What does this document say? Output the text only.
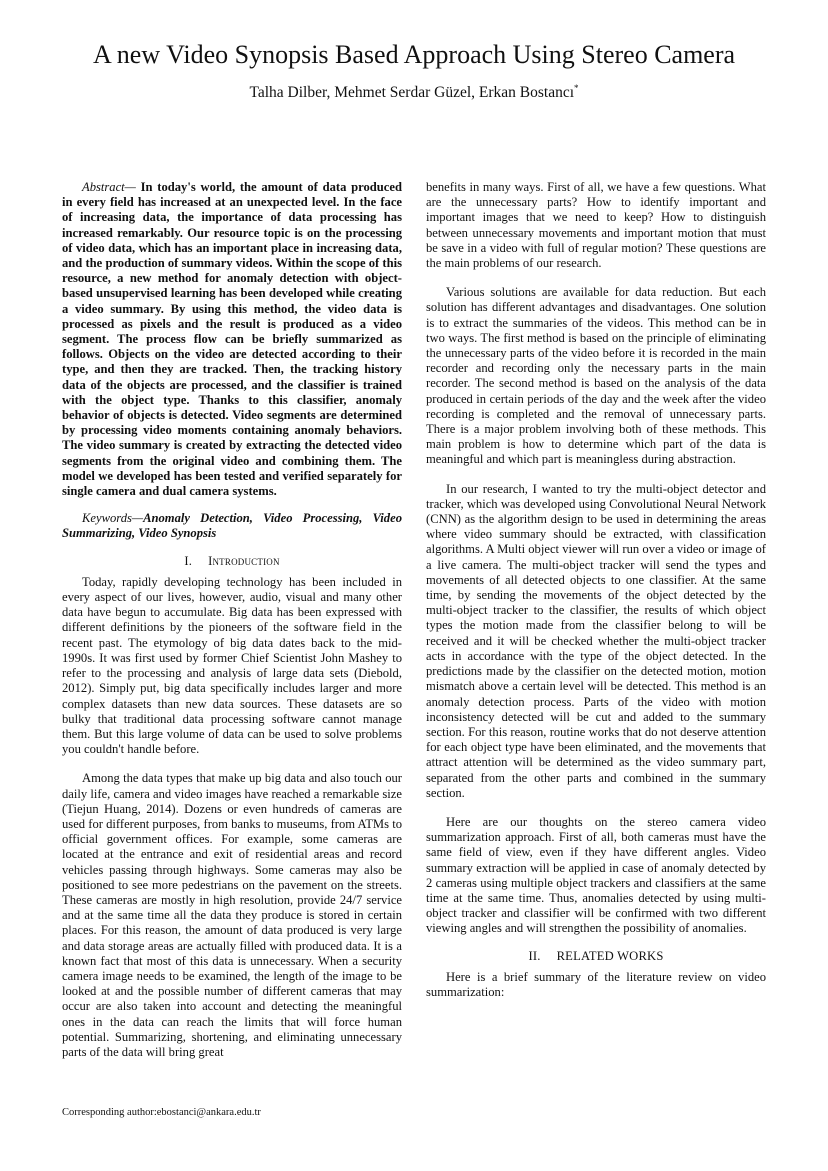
A new Video Synopsis Based Approach Using Stereo Camera

Talha Dilber, Mehmet Serdar Güzel, Erkan Bostancı*

Abstract— In today's world, the amount of data produced in every field has increased at an unexpected level. In the face of increasing data, the importance of data processing has increased remarkably. Our resource topic is on the processing of video data, which has an important place in increasing data, and the production of summary videos. Within the scope of this resource, a new method for anomaly detection with object-based unsupervised learning has been developed while creating a video summary. By using this method, the video data is processed as pixels and the result is produced as a video segment. The process flow can be briefly summarized as follows. Objects on the video are detected according to their type, and then they are tracked. Then, the tracking history data of the objects are processed, and the classifier is trained with the object type. Thanks to this classifier, anomaly behavior of objects is detected. Video segments are determined by processing video moments containing anomaly behaviors. The video summary is created by extracting the detected video segments from the original video and combining them. The model we developed has been tested and verified separately for single camera and dual camera systems.

Keywords—Anomaly Detection, Video Processing, Video Summarizing, Video Synopsis

I. Introduction

Today, rapidly developing technology has been included in every aspect of our lives, however, audio, visual and many other data have begun to accumulate. Big data has been expressed with different definitions by the pioneers of the software field in the recent past. The etymology of big data dates back to the mid-1990s. It was first used by former Chief Scientist John Mashey to refer to the processing and analysis of large data sets (Diebold, 2012). Simply put, big data specifically includes larger and more complex datasets than new data sources. These datasets are so bulky that traditional data processing software cannot manage them. But this large volume of data can be used to solve problems you couldn't handle before.

Among the data types that make up big data and also touch our daily life, camera and video images have reached a remarkable size (Tiejun Huang, 2014). Dozens or even hundreds of cameras are used for different purposes, from banks to museums, from ATMs to official government offices. For example, some cameras are located at the entrance and exit of residential areas and record vehicles passing through highways. Some cameras may also be positioned to see more pedestrians on the pavement on the streets. These cameras are mostly in high resolution, provide 24/7 service and at the same time all the data they produce is stored in certain places. For this reason, the amount of data produced is very large and data storage areas are actually filled with produced data. It is a known fact that most of this data is unnecessary. When a security camera image needs to be examined, the length of the image to be looked at and the possible number of different cameras that may occur are also taken into account and detecting the meaningful ones in the data can reach the limits that will force human potential. Summarizing, shortening, and eliminating unnecessary parts of the data will bring great

benefits in many ways. First of all, we have a few questions. What are the unnecessary parts? How to identify important and important images that we need to keep? How to distinguish between unnecessary movements and important motion that must be save in a video with full of regular motion? These questions are the main problems of our research.

Various solutions are available for data reduction. But each solution has different advantages and disadvantages. One solution is to extract the summaries of the videos. This method can be in two ways. The first method is based on the principle of eliminating the unnecessary parts of the video before it is recorded in the main recorder and recording only the necessary parts in the main recorder. The second method is based on the analysis of the data produced in certain periods of the day and the week after the video recording is completed and the removal of unnecessary parts. There is a major problem involving both of these methods. This main problem is how to determine which part of the data is meaningful and which part is meaningless during abstraction.

In our research, I wanted to try the multi-object detector and tracker, which was developed using Convolutional Neural Network (CNN) as the algorithm design to be used in determining the areas where video summary should be extracted, with classification algorithms. A Multi object viewer will run over a video or image of a live camera. The multi-object tracker will send the types and movements of all detected objects to one classifier. At the same time, by sending the movements of the object detected by the multi-object tracker to the classifier, the results of which object types the motion made from the classifier belong to will be received and it will be checked whether the multi-object tracker acts in accordance with the type of the object detected. In the predictions made by the classifier on the detected motion, motion mismatch above a certain level will be detected. This method is an anomaly detection process. Parts of the video with motion inconsistency detected will be cut and added to the summary section. For this reason, routine works that do not deserve attention for each object type have been eliminated, and the movements that attract attention will be determined as the video summary part, separated from the other parts and combined in the summary section.

Here are our thoughts on the stereo camera video summarization approach. First of all, both cameras must have the same field of view, even if they have different angles. Video summary extraction will be applied in case of anomaly detected by 2 cameras using multiple object trackers and classifiers at the same time at the same time. Thus, anomalies detected by using multi-object tracker and classifier will be confirmed with two different viewing angles and will strengthen the possibility of anomalies.

II. RELATED WORKS

Here is a brief summary of the literature review on video summarization:

Corresponding author:ebostanci@ankara.edu.tr
